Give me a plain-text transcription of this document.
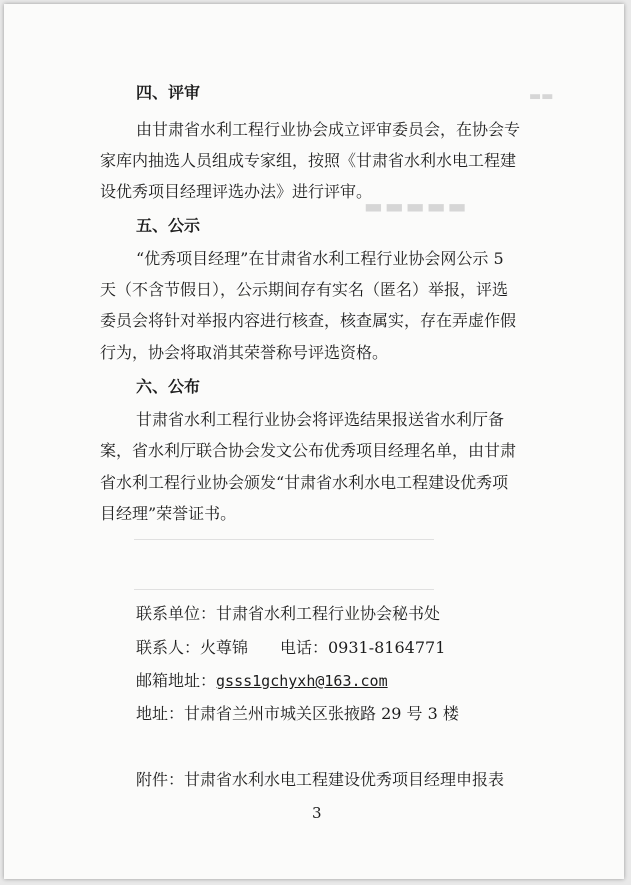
▬▬▬▬▬
▬▬
四、评审
由甘肃省水利工程行业协会成立评审委员会，在协会专
家库内抽选人员组成专家组，按照《甘肃省水利水电工程建
设优秀项目经理评选办法》进行评审。
五、公示
“优秀项目经理”在甘肃省水利工程行业协会网公示 5
天（不含节假日），公示期间存有实名（匿名）举报，评选
委员会将针对举报内容进行核查，核查属实，存在弄虚作假
行为，协会将取消其荣誉称号评选资格。
六、公布
甘肃省水利工程行业协会将评选结果报送省水利厅备
案，省水利厅联合协会发文公布优秀项目经理名单，由甘肃
省水利工程行业协会颁发“甘肃省水利水电工程建设优秀项
目经理”荣誉证书。
联系单位：甘肃省水利工程行业协会秘书处
联系人：火尊锦 电话：0931-8164771
邮箱地址：gsss1gchyxh@163.com
地址：甘肃省兰州市城关区张掖路 29 号 3 楼
附件：甘肃省水利水电工程建设优秀项目经理申报表
3
